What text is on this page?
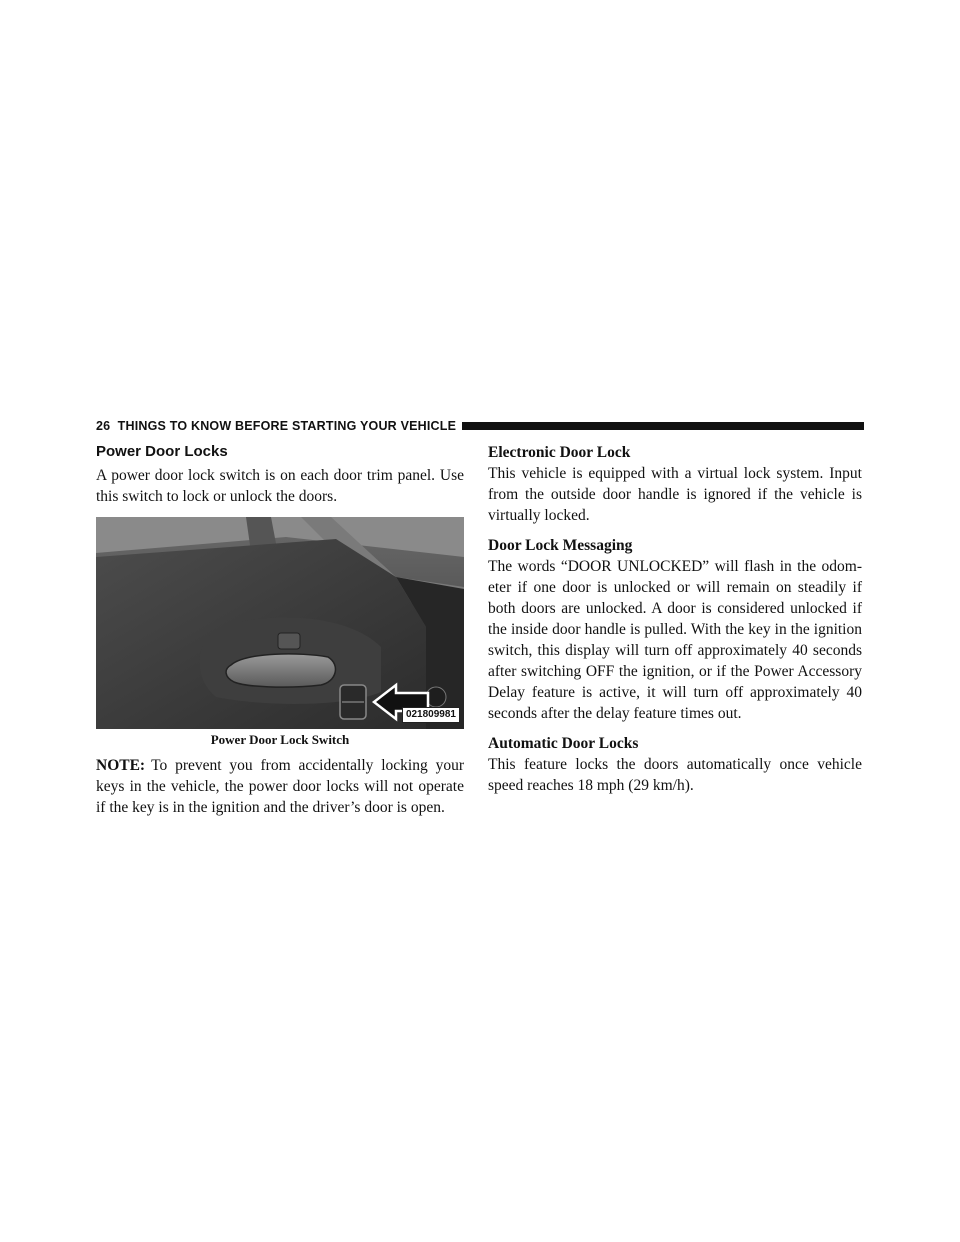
26 THINGS TO KNOW BEFORE STARTING YOUR VEHICLE
Power Door Locks

A power door lock switch is on each door trim panel. Use this switch to lock or unlock the doors.

021809981
Power Door Lock Switch

NOTE: To prevent you from accidentally locking your keys in the vehicle, the power door locks will not operate if the key is in the ignition and the driver’s door is open.

Electronic Door Lock

This vehicle is equipped with a virtual lock system. Input from the outside door handle is ignored if the vehicle is virtually locked.

Door Lock Messaging

The words “DOOR UNLOCKED” will flash in the odom-eter if one door is unlocked or will remain on steadily if both doors are unlocked. A door is considered unlocked if the inside door handle is pulled. With the key in the ignition switch, this display will turn off approximately 40 seconds after switching OFF the ignition, or if the Power Accessory Delay feature is active, it will turn off approximately 40 seconds after the delay feature times out.

Automatic Door Locks

This feature locks the doors automatically once vehicle speed reaches 18 mph (29 km/h).
